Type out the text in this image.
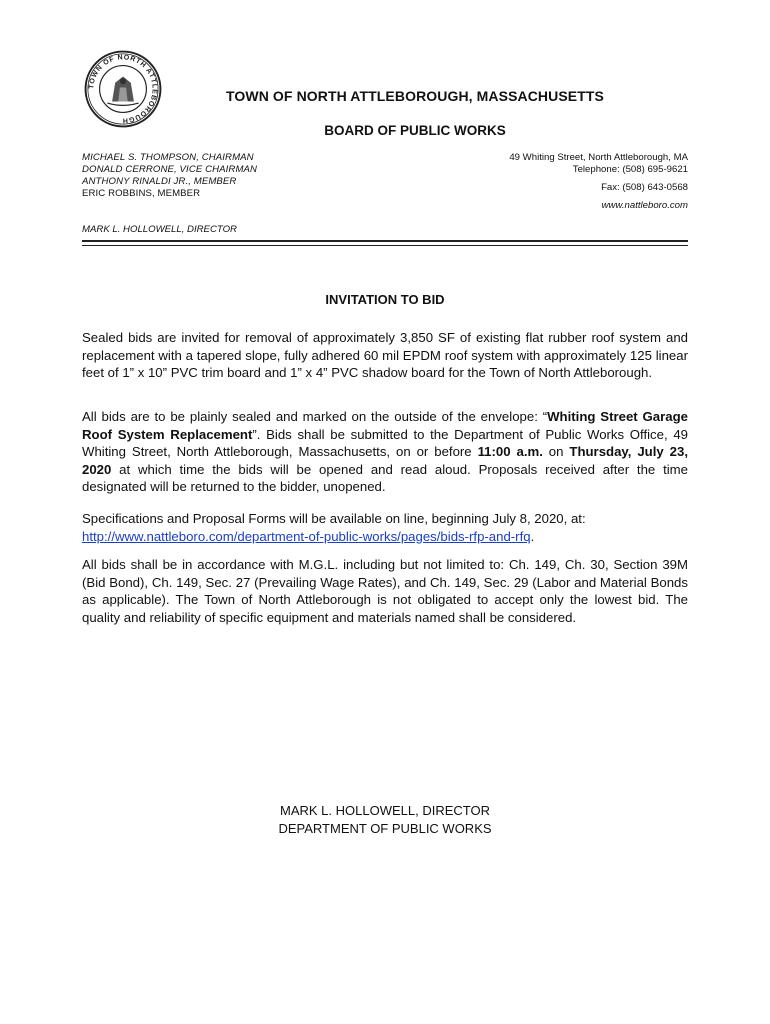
TOWN OF NORTH ATTLEBOROUGH
TOWN OF NORTH ATTLEBOROUGH, MASSACHUSETTS
BOARD OF PUBLIC WORKS
MICHAEL S. THOMPSON, CHAIRMAN
DONALD CERRONE, VICE CHAIRMAN
ANTHONY RINALDI JR., MEMBER
ERIC ROBBINS, MEMBER
49 Whiting Street, North Attleborough, MA
Telephone: (508) 695-9621
Fax: (508) 643-0568
www.nattleboro.com
MARK L. HOLLOWELL, DIRECTOR
INVITATION TO BID
Sealed bids are invited for removal of approximately 3,850 SF of existing flat rubber roof system and replacement with a tapered slope, fully adhered 60 mil EPDM roof system with approximately 125 linear feet of 1” x 10” PVC trim board and 1” x 4” PVC shadow board for the Town of North Attleborough.
All bids are to be plainly sealed and marked on the outside of the envelope: “Whiting Street Garage Roof System Replacement”. Bids shall be submitted to the Department of Public Works Office, 49 Whiting Street, North Attleborough, Massachusetts, on or before 11:00 a.m. on Thursday, July 23, 2020 at which time the bids will be opened and read aloud. Proposals received after the time designated will be returned to the bidder, unopened.
Specifications and Proposal Forms will be available on line, beginning July 8, 2020, at:
http://www.nattleboro.com/department-of-public-works/pages/bids-rfp-and-rfq.
All bids shall be in accordance with M.G.L. including but not limited to: Ch. 149, Ch. 30, Section 39M (Bid Bond), Ch. 149, Sec. 27 (Prevailing Wage Rates), and Ch. 149, Sec. 29 (Labor and Material Bonds as applicable). The Town of North Attleborough is not obligated to accept only the lowest bid. The quality and reliability of specific equipment and materials named shall be considered.
MARK L. HOLLOWELL, DIRECTOR
DEPARTMENT OF PUBLIC WORKS
